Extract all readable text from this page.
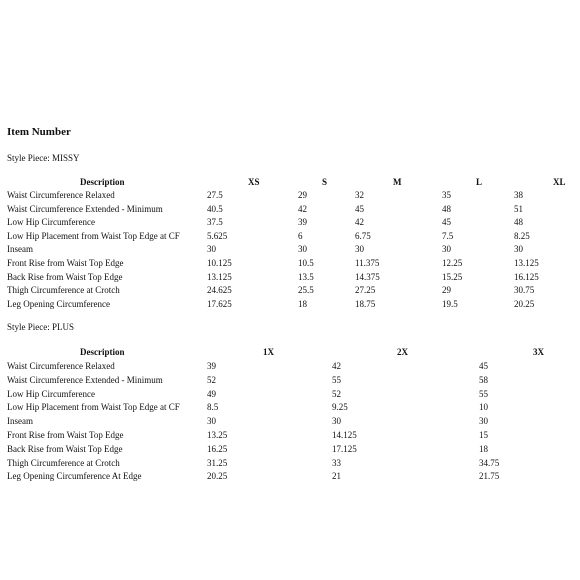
Item Number
Style Piece: MISSY
Description	XS	S	M	L	XL
Waist Circumference Relaxed	27.5	29	32	35	38
Waist Circumference Extended - Minimum	40.5	42	45	48	51
Low Hip Circumference	37.5	39	42	45	48
Low Hip Placement from Waist Top Edge at CF	5.625	6	6.75	7.5	8.25
Inseam	30	30	30	30	30
Front Rise from Waist Top Edge	10.125	10.5	11.375	12.25	13.125
Back Rise from Waist Top Edge	13.125	13.5	14.375	15.25	16.125
Thigh Circumference at Crotch	24.625	25.5	27.25	29	30.75
Leg Opening Circumference	17.625	18	18.75	19.5	20.25
Style Piece: PLUS
Description	1X	2X	3X
Waist Circumference Relaxed	39	42	45
Waist Circumference Extended - Minimum	52	55	58
Low Hip Circumference	49	52	55
Low Hip Placement from Waist Top Edge at CF	8.5	9.25	10
Inseam	30	30	30
Front Rise from Waist Top Edge	13.25	14.125	15
Back Rise from Waist Top Edge	16.25	17.125	18
Thigh Circumference at Crotch	31.25	33	34.75
Leg Opening Circumference At Edge	20.25	21	21.75
